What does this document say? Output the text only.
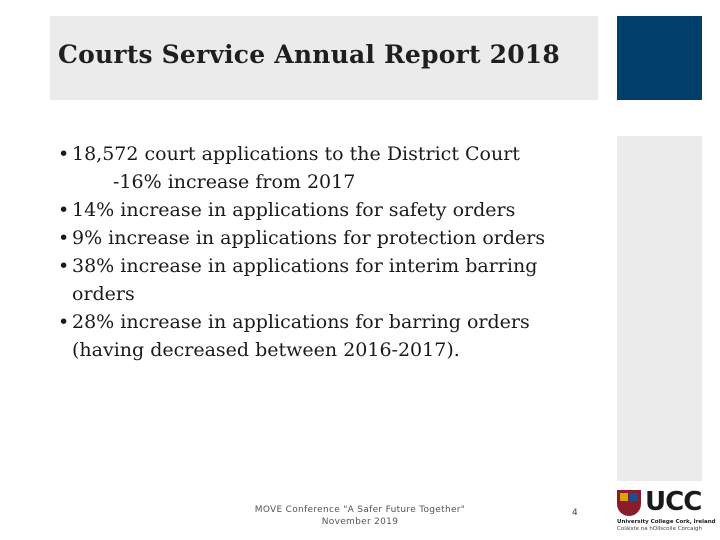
Courts Service Annual Report 2018
• 18,572 court applications to the District Court
-16% increase from 2017
• 14% increase in applications for safety orders
• 9% increase in applications for protection orders
• 38% increase in applications for interim barring
orders
• 28% increase in applications for barring orders
(having decreased between 2016-2017).
MOVE Conference "A Safer Future Together"
November 2019
4	UCC
University College Cork, Ireland
Coláiste na hOllscoile Corcaigh
